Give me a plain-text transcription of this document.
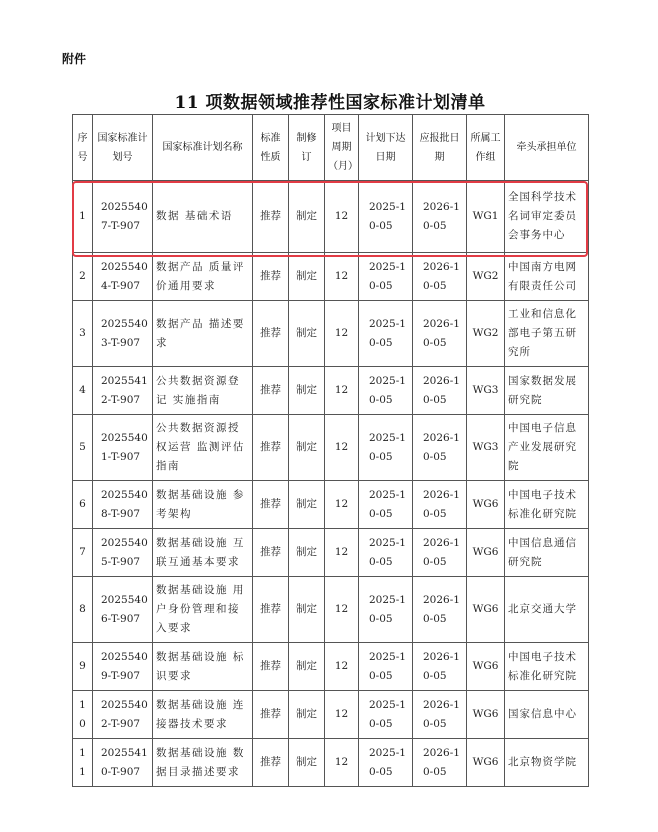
附件
11 项数据领域推荐性国家标准计划清单
序号	国家标准计划号	国家标准计划名称	标准性质	制修订	项目周期（月）	计划下达日期	应报批日期	所属工作组	牵头承担单位
1	20255407-T-907	数据 基础术语	推荐	制定	12	2025-10-05	2026-10-05	WG1	全国科学技术名词审定委员会事务中心
2	20255404-T-907	数据产品 质量评价通用要求	推荐	制定	12	2025-10-05	2026-10-05	WG2	中国南方电网有限责任公司
3	20255403-T-907	数据产品 描述要求	推荐	制定	12	2025-10-05	2026-10-05	WG2	工业和信息化部电子第五研究所
4	20255412-T-907	公共数据资源登记 实施指南	推荐	制定	12	2025-10-05	2026-10-05	WG3	国家数据发展研究院
5	20255401-T-907	公共数据资源授权运营 监测评估指南	推荐	制定	12	2025-10-05	2026-10-05	WG3	中国电子信息产业发展研究院
6	20255408-T-907	数据基础设施 参考架构	推荐	制定	12	2025-10-05	2026-10-05	WG6	中国电子技术标准化研究院
7	20255405-T-907	数据基础设施 互联互通基本要求	推荐	制定	12	2025-10-05	2026-10-05	WG6	中国信息通信研究院
8	20255406-T-907	数据基础设施 用户身份管理和接入要求	推荐	制定	12	2025-10-05	2026-10-05	WG6	北京交通大学
9	20255409-T-907	数据基础设施 标识要求	推荐	制定	12	2025-10-05	2026-10-05	WG6	中国电子技术标准化研究院
10	20255402-T-907	数据基础设施 连接器技术要求	推荐	制定	12	2025-10-05	2026-10-05	WG6	国家信息中心
11	20255410-T-907	数据基础设施 数据目录描述要求	推荐	制定	12	2025-10-05	2026-10-05	WG6	北京物资学院
